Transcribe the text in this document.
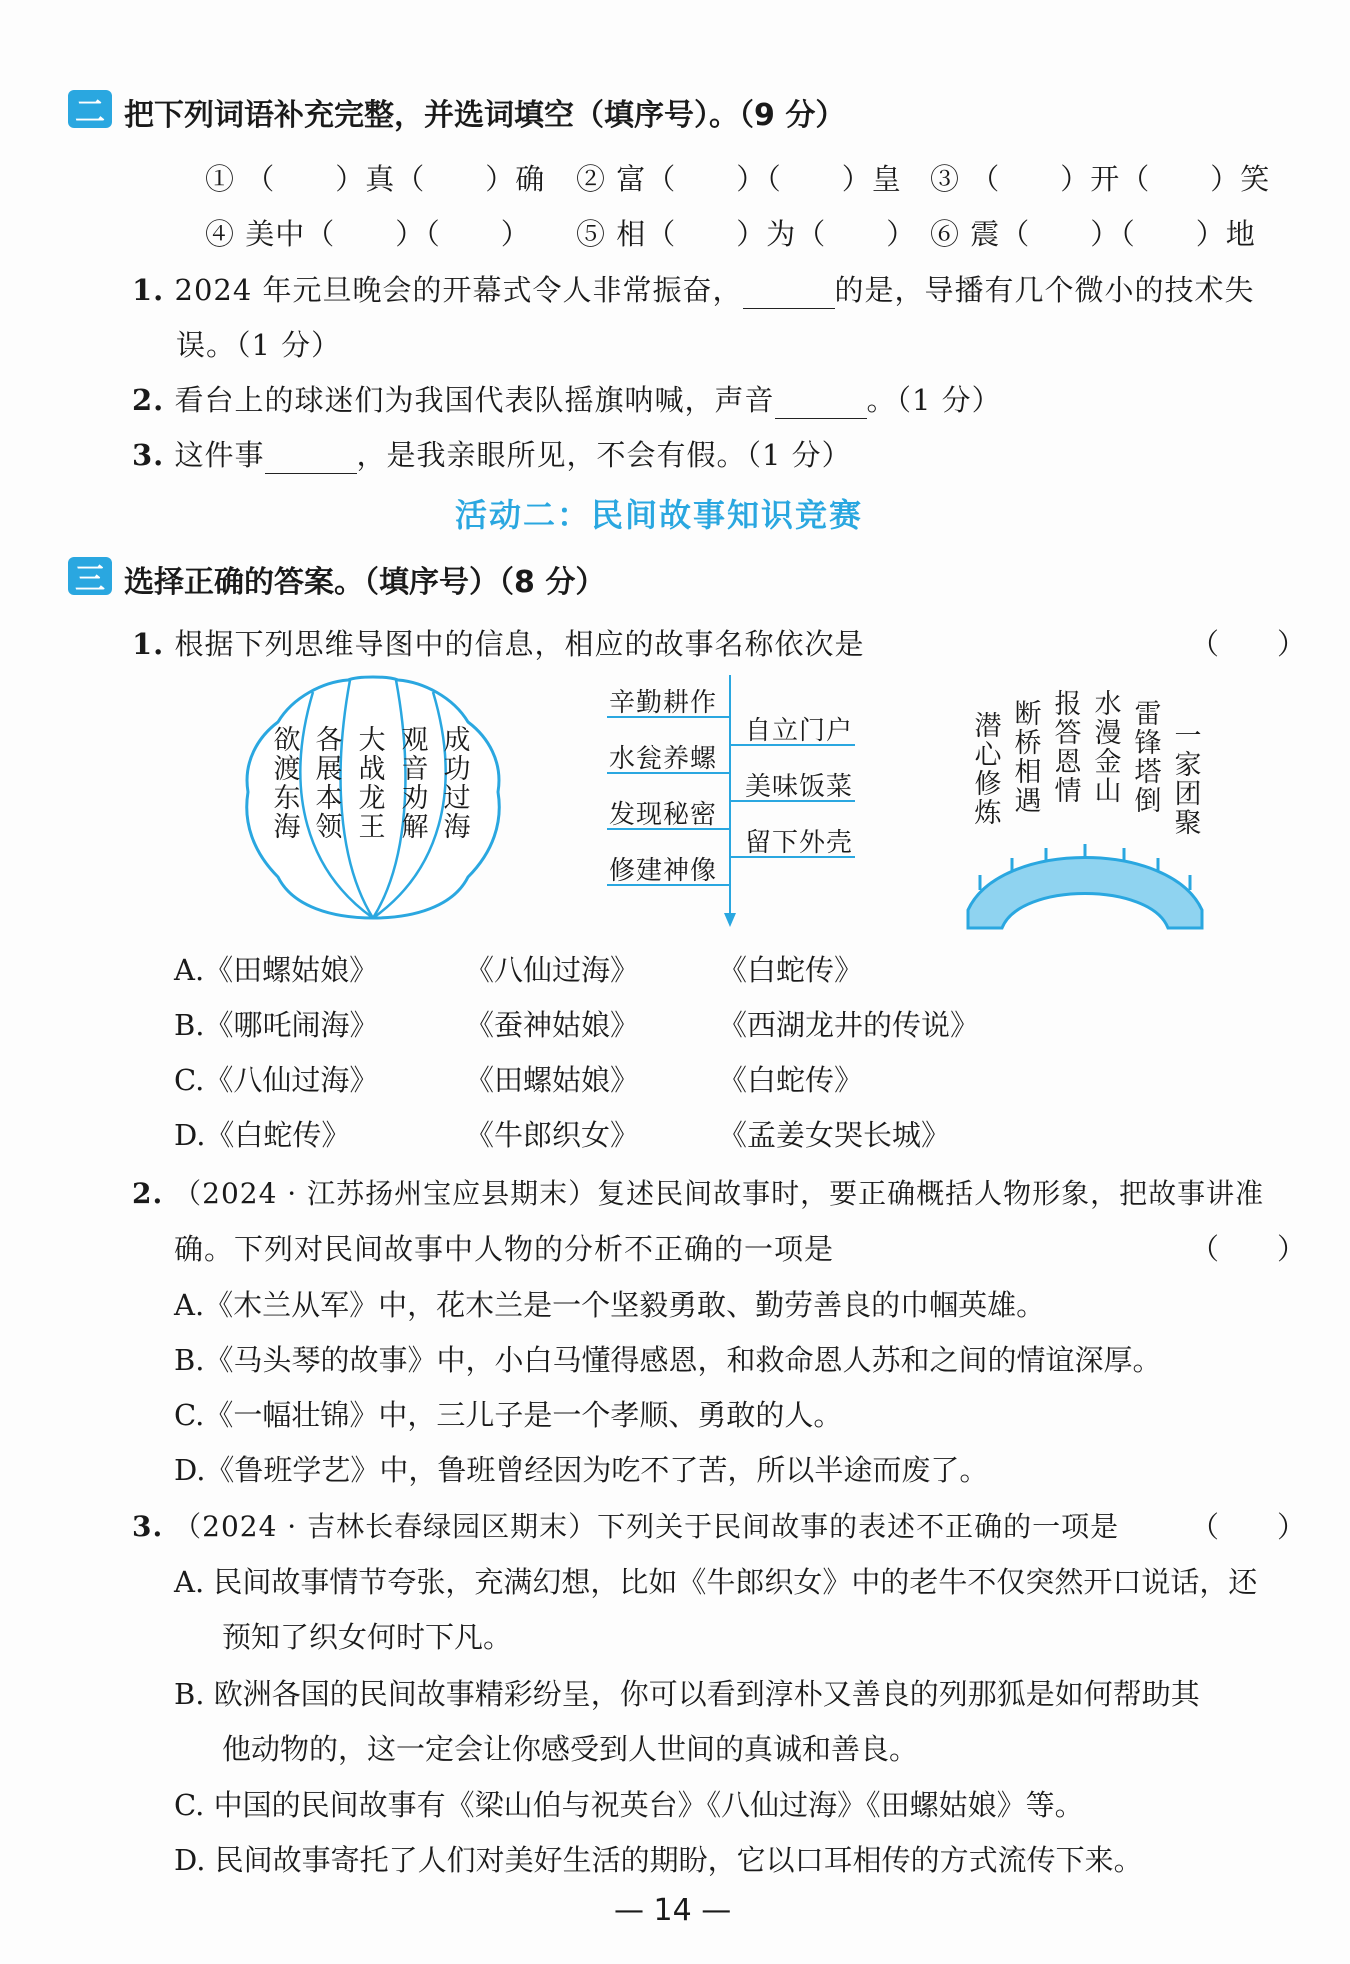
二 把下列词语补充完整，并选词填空（填序号）。（9 分）
① （　　）真（　　）确 ② 富（　　）（　　）皇 ③ （　　）开（　　）笑
④ 美中（　　）（　　） ⑤ 相（　　）为（　　） ⑥ 震（　　）（　　）地
1. 2024 年元旦晚会的开幕式令人非常振奋，	的是，导播有几个微小的技术失
误。（1 分）
2. 看台上的球迷们为我国代表队摇旗呐喊，声音	。（1 分）
3. 这件事	，是我亲眼所见，不会有假。（1 分）
活动二：民间故事知识竞赛
三 选择正确的答案。（填序号）（8 分）
1. 根据下列思维导图中的信息，相应的故事名称依次是	（　　）
欲渡东海
各展本领
大战龙王
观音劝解
成功过海
辛勤耕作
水瓮养螺
发现秘密
修建神像
自立门户
美味饭菜
留下外壳
潜心修炼
断桥相遇
报答恩情
水漫金山
雷锋塔倒
一家团聚
A.《田螺姑娘》	《八仙过海》	《白蛇传》
B.《哪吒闹海》	《蚕神姑娘》	《西湖龙井的传说》
C.《八仙过海》	《田螺姑娘》	《白蛇传》
D.《白蛇传》	《牛郎织女》	《孟姜女哭长城》
2. （2024 · 江苏扬州宝应县期末）复述民间故事时，要正确概括人物形象，把故事讲准
确。下列对民间故事中人物的分析不正确的一项是	（　　）
A.《木兰从军》中，花木兰是一个坚毅勇敢、勤劳善良的巾帼英雄。
B.《马头琴的故事》中，小白马懂得感恩，和救命恩人苏和之间的情谊深厚。
C.《一幅壮锦》中，三儿子是一个孝顺、勇敢的人。
D.《鲁班学艺》中，鲁班曾经因为吃不了苦，所以半途而废了。
3. （2024 · 吉林长春绿园区期末）下列关于民间故事的表述不正确的一项是 （　　）
A. 民间故事情节夸张，充满幻想，比如《牛郎织女》中的老牛不仅突然开口说话，还
预知了织女何时下凡。
B. 欧洲各国的民间故事精彩纷呈，你可以看到淳朴又善良的列那狐是如何帮助其
他动物的，这一定会让你感受到人世间的真诚和善良。
C. 中国的民间故事有《梁山伯与祝英台》《八仙过海》《田螺姑娘》等。
D. 民间故事寄托了人们对美好生活的期盼，它以口耳相传的方式流传下来。
— 14 —
